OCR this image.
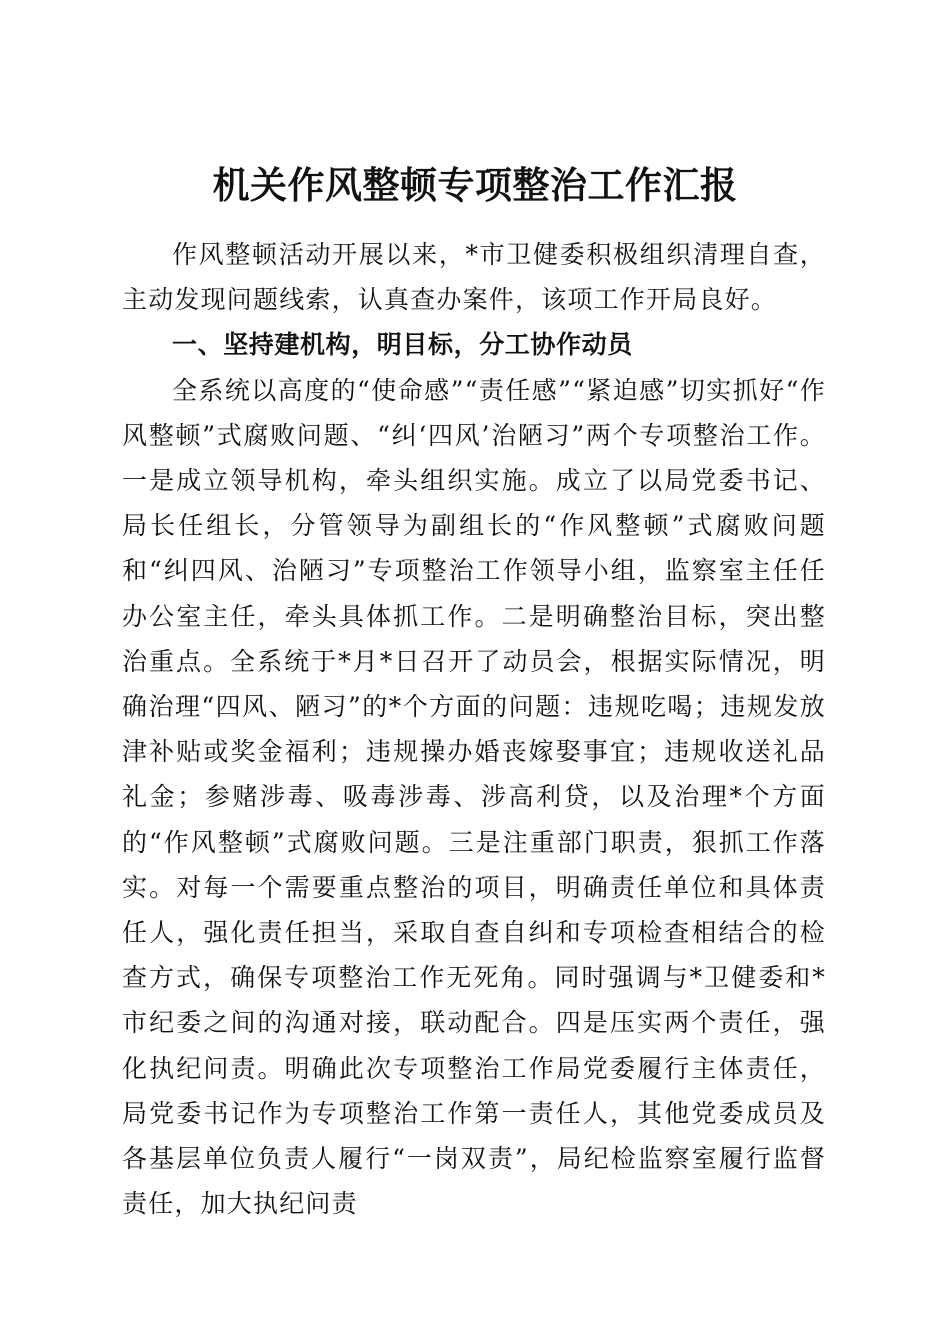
机关作风整顿专项整治工作汇报

作风整顿活动开展以来，*市卫健委积极组织清理自查，主动发现问题线索，认真查办案件，该项工作开局良好。

一、坚持建机构，明目标，分工协作动员

全系统以高度的“使命感”“责任感”“紧迫感”切实抓好“作风整顿”式腐败问题、“纠‘四风’治陋习”两个专项整治工作。一是成立领导机构，牵头组织实施。成立了以局党委书记、局长任组长，分管领导为副组长的“作风整顿”式腐败问题和“纠四风、治陋习”专项整治工作领导小组，监察室主任任办公室主任，牵头具体抓工作。二是明确整治目标，突出整治重点。全系统于*月*日召开了动员会，根据实际情况，明确治理“四风、陋习”的*个方面的问题：违规吃喝；违规发放津补贴或奖金福利；违规操办婚丧嫁娶事宜；违规收送礼品礼金；参赌涉毒、吸毒涉毒、涉高利贷，以及治理*个方面的“作风整顿”式腐败问题。三是注重部门职责，狠抓工作落实。对每一个需要重点整治的项目，明确责任单位和具体责任人，强化责任担当，采取自查自纠和专项检查相结合的检查方式，确保专项整治工作无死角。同时强调与*卫健委和*市纪委之间的沟通对接，联动配合。四是压实两个责任，强化执纪问责。明确此次专项整治工作局党委履行主体责任，局党委书记作为专项整治工作第一责任人，其他党委成员及各基层单位负责人履行“一岗双责”，局纪检监察室履行监督责任，加大执纪问责
